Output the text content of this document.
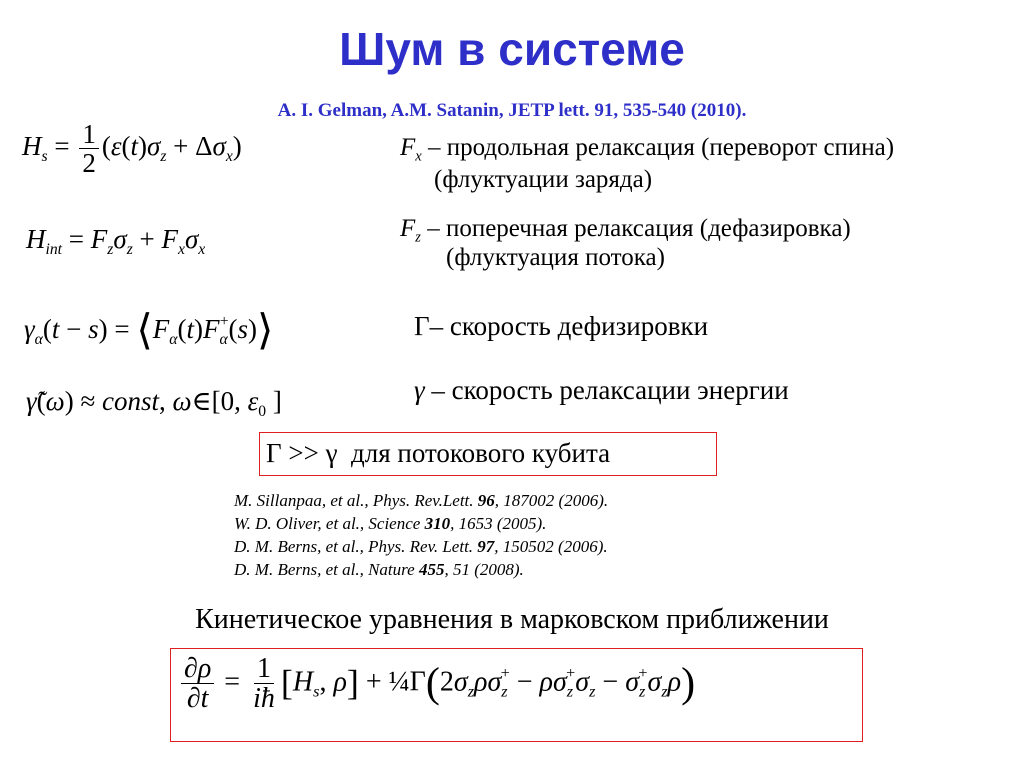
Шум в системе
A. I. Gelman, A.M. Satanin, JETP lett. 91, 535-540 (2010).
$H_s = \frac{1}{2} (\varepsilon(t)\sigma_z + \Delta\sigma_x)$
$H_{int} = F_z\sigma_z + F_x\sigma_x$
$\gamma_\alpha(t - s)$ = $⟨F_\alpha(t)F_\alpha^+(s)⟩$
γ̃(ω) ≈ const, ω∈[0, $\varepsilon_0$ ]
$F_x$ – продольная релаксация (переворот спина)
(флуктуации заряда)
$F_z$ – поперечная релаксация (дефазировка)
(флуктуация потока)
Γ– скорость дефизировки
γ – скорость релаксации энергии
Γ >> γ для потокового кубита
M. Sillanpaa, et al., Phys. Rev.Lett. 96, 187002 (2006).
W. D. Oliver, et al., Science 310, 1653 (2005).
D. M. Berns, et al., Phys. Rev. Lett. 97, 150502 (2006).
D. M. Berns, et al., Nature 455, 51 (2008).
Кинетическое уравнения в марковском приближении
$\frac{\partial\rho}{\partial t} = \frac{1}{iħ} [H_s$, $\rho] + \frac{1}{4}\Gamma(2\sigma_z\rho\sigma_z^+ - \rho\sigma_z^+\sigma_z - \sigma_z^+\sigma_z\rho)$
